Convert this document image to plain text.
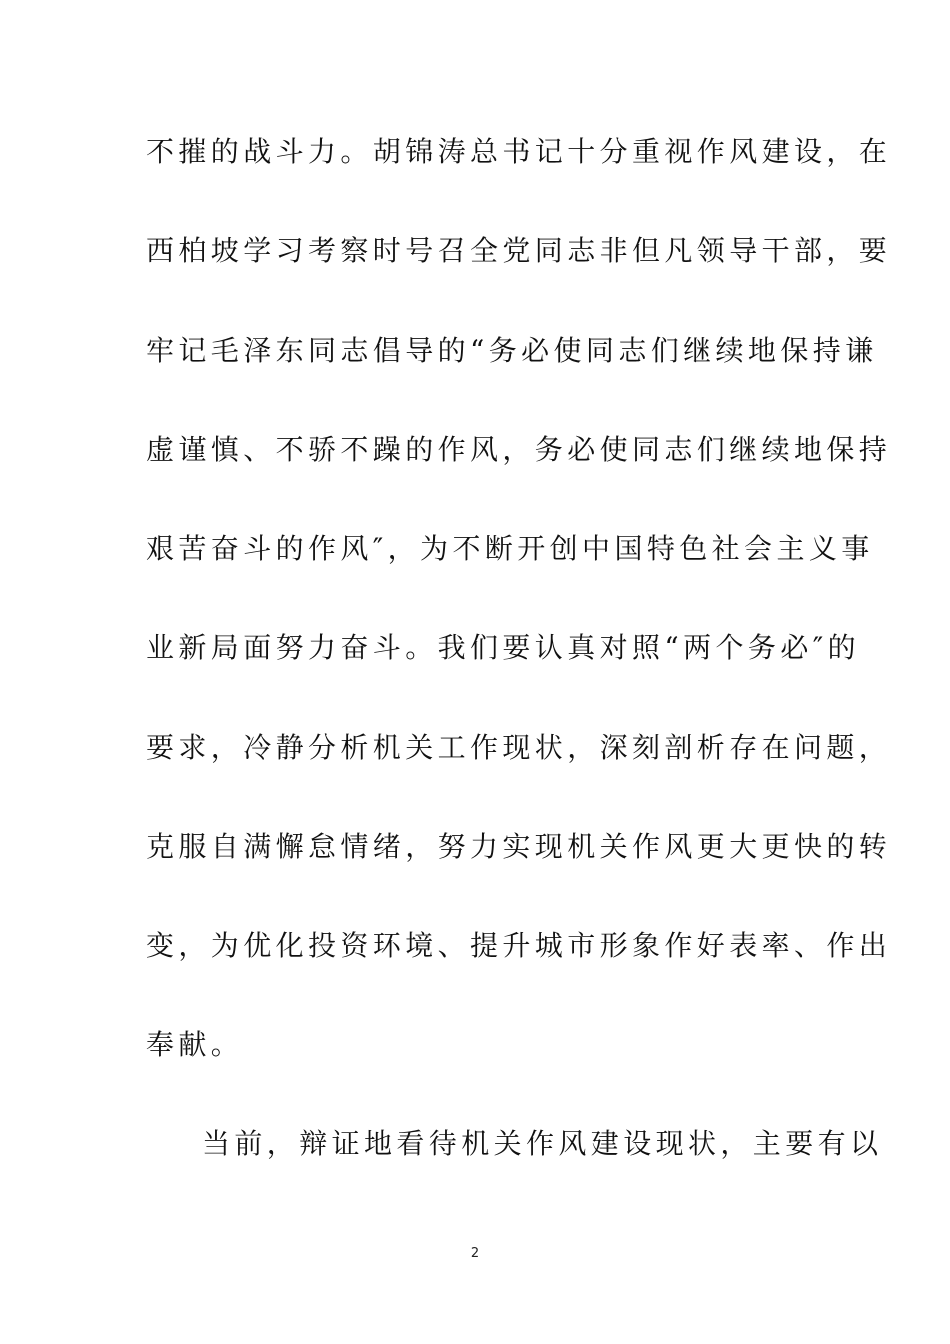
不摧的战斗力。胡锦涛总书记十分重视作风建设，在
西柏坡学习考察时号召全党同志非但凡领导干部，要
牢记毛泽东同志倡导的“务必使同志们继续地保持谦
虚谨慎、不骄不躁的作风，务必使同志们继续地保持
艰苦奋斗的作风″，为不断开创中国特色社会主义事
业新局面努力奋斗。我们要认真对照“两个务必″的
要求，冷静分析机关工作现状，深刻剖析存在问题，
克服自满懈怠情绪，努力实现机关作风更大更快的转
变，为优化投资环境、提升城市形象作好表率、作出
奉献。
当前，辩证地看待机关作风建设现状，主要有以
2
